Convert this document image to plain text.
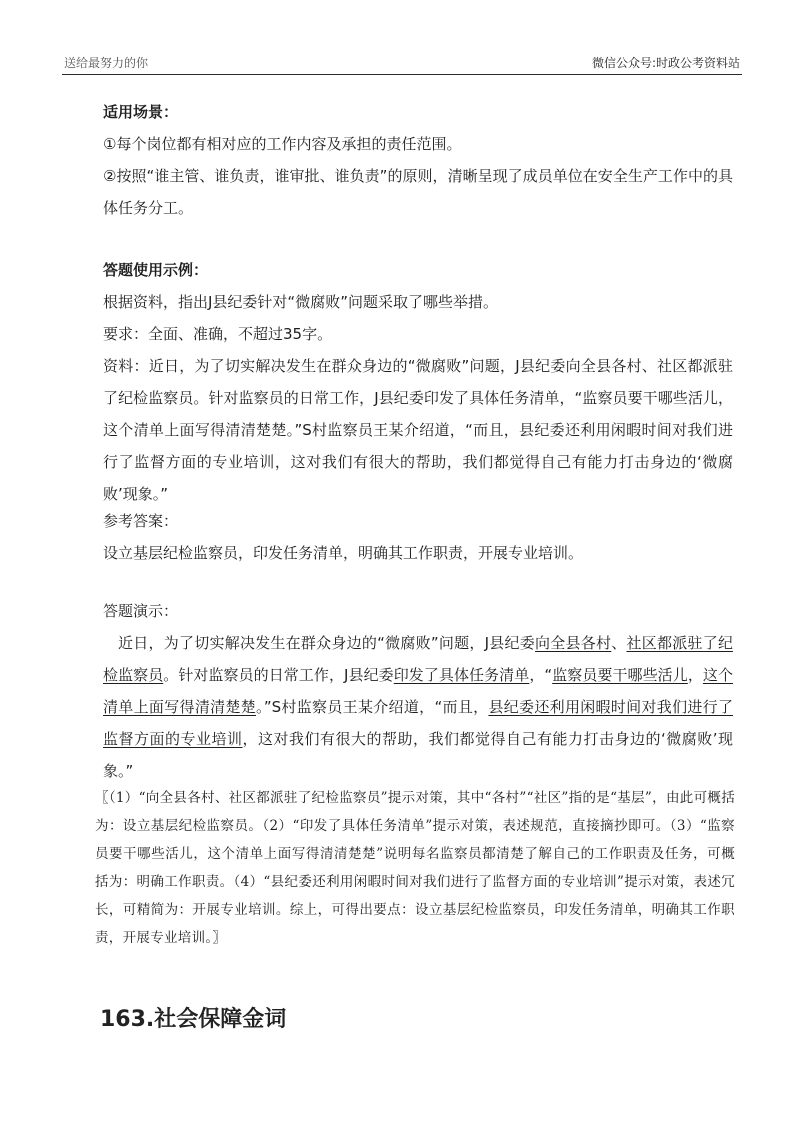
送给最努力的你	微信公众号:时政公考资料站

适用场景：

①每个岗位都有相对应的工作内容及承担的责任范围。

②按照“谁主管、谁负责，谁审批、谁负责”的原则，清晰呈现了成员单位在安全生产工作中的具体任务分工。

答题使用示例：

根据资料，指出J县纪委针对“微腐败”问题采取了哪些举措。

要求：全面、准确，不超过35字。

资料：近日，为了切实解决发生在群众身边的“微腐败”问题，J县纪委向全县各村、社区都派驻了纪检监察员。针对监察员的日常工作，J县纪委印发了具体任务清单，“监察员要干哪些活儿，这个清单上面写得清清楚楚。”S村监察员王某介绍道，“而且，县纪委还利用闲暇时间对我们进行了监督方面的专业培训，这对我们有很大的帮助，我们都觉得自己有能力打击身边的‘微腐败’现象。”

参考答案：

设立基层纪检监察员，印发任务清单，明确其工作职责，开展专业培训。

答题演示：

近日，为了切实解决发生在群众身边的“微腐败”问题，J县纪委向全县各村、社区都派驻了纪检监察员。针对监察员的日常工作，J县纪委印发了具体任务清单，“监察员要干哪些活儿，这个清单上面写得清清楚楚。”S村监察员王某介绍道，“而且，县纪委还利用闲暇时间对我们进行了监督方面的专业培训，这对我们有很大的帮助，我们都觉得自己有能力打击身边的‘微腐败’现象。”

〖（1）“向全县各村、社区都派驻了纪检监察员”提示对策，其中“各村”“社区”指的是“基层”，由此可概括为：设立基层纪检监察员。（2）“印发了具体任务清单”提示对策，表述规范，直接摘抄即可。（3）“监察员要干哪些活儿，这个清单上面写得清清楚楚”说明每名监察员都清楚了解自己的工作职责及任务，可概括为：明确工作职责。（4）“县纪委还利用闲暇时间对我们进行了监督方面的专业培训”提示对策，表述冗长，可精简为：开展专业培训。综上，可得出要点：设立基层纪检监察员，印发任务清单，明确其工作职责，开展专业培训。〗

163.社会保障金词
